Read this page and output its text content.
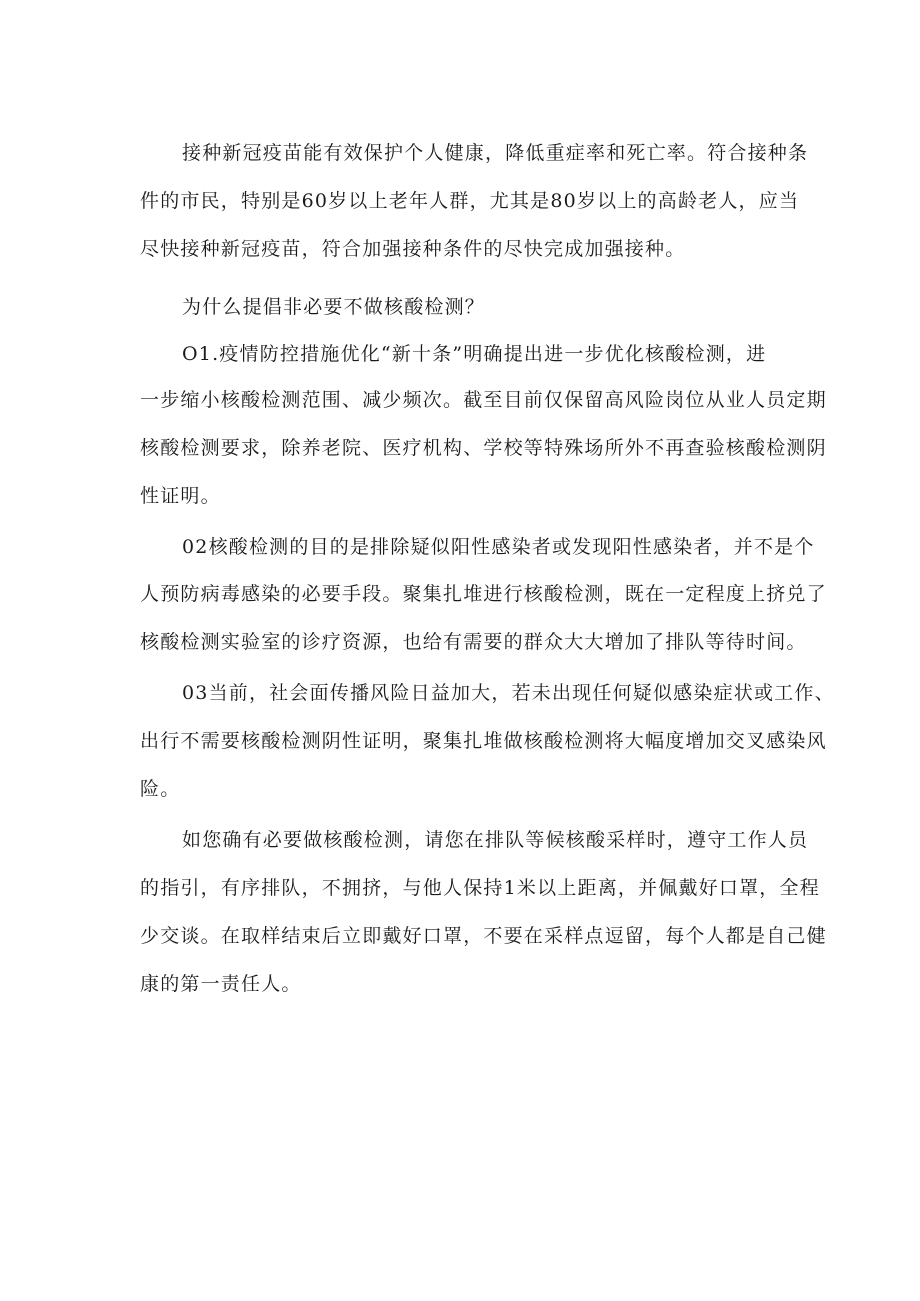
接种新冠疫苗能有效保护个人健康，降低重症率和死亡率。符合接种条
件的市民，特别是60岁以上老年人群，尤其是80岁以上的高龄老人，应当
尽快接种新冠疫苗，符合加强接种条件的尽快完成加强接种。
为什么提倡非必要不做核酸检测？
O1.疫情防控措施优化“新十条”明确提出进一步优化核酸检测，进
一步缩小核酸检测范围、减少频次。截至目前仅保留高风险岗位从业人员定期
核酸检测要求，除养老院、医疗机构、学校等特殊场所外不再查验核酸检测阴
性证明。
02核酸检测的目的是排除疑似阳性感染者或发现阳性感染者，并不是个
人预防病毒感染的必要手段。聚集扎堆进行核酸检测，既在一定程度上挤兑了
核酸检测实验室的诊疗资源，也给有需要的群众大大增加了排队等待时间。
03当前，社会面传播风险日益加大，若未出现任何疑似感染症状或工作、
出行不需要核酸检测阴性证明，聚集扎堆做核酸检测将大幅度增加交叉感染风
险。
如您确有必要做核酸检测，请您在排队等候核酸采样时，遵守工作人员
的指引，有序排队，不拥挤，与他人保持1米以上距离，并佩戴好口罩，全程
少交谈。在取样结束后立即戴好口罩，不要在采样点逗留，每个人都是自己健
康的第一责任人。
